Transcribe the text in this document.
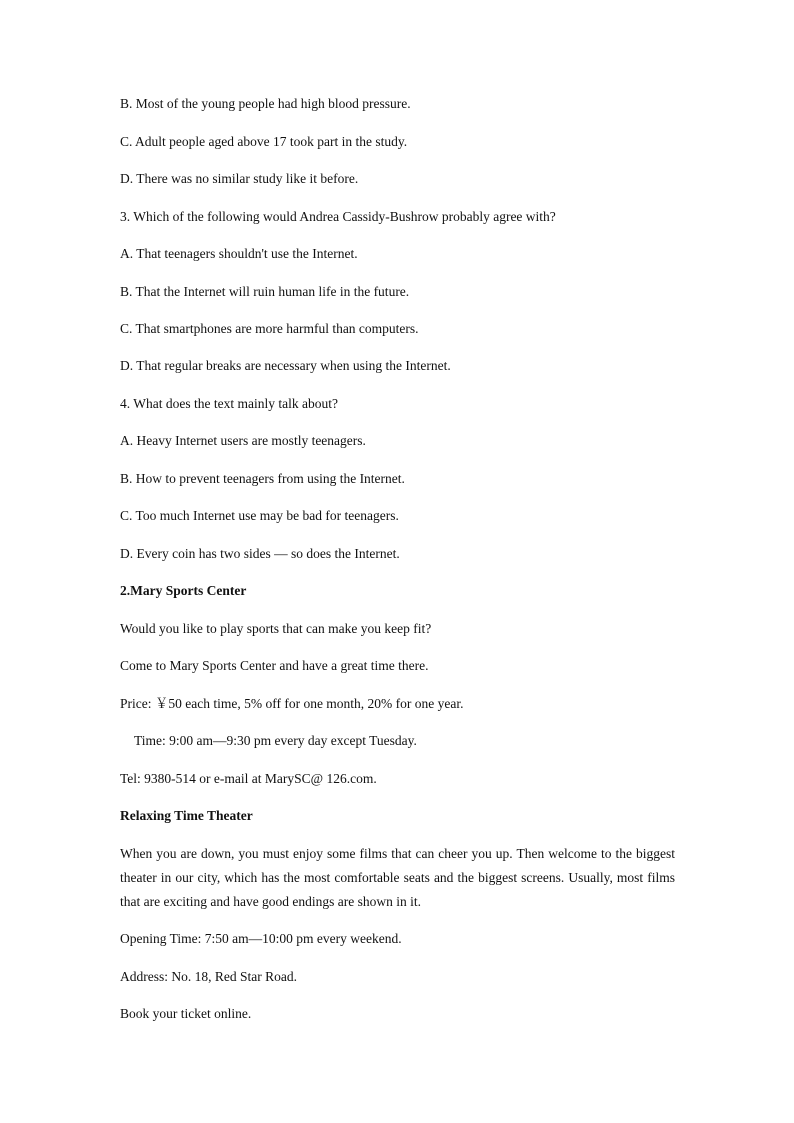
B. Most of the young people had high blood pressure.
C. Adult people aged above 17 took part in the study.
D. There was no similar study like it before.
3. Which of the following would Andrea Cassidy-Bushrow probably agree with?
A. That teenagers shouldn't use the Internet.
B. That the Internet will ruin human life in the future.
C. That smartphones are more harmful than computers.
D. That regular breaks are necessary when using the Internet.
4. What does the text mainly talk about?
A. Heavy Internet users are mostly teenagers.
B. How to prevent teenagers from using the Internet.
C. Too much Internet use may be bad for teenagers.
D. Every coin has two sides — so does the Internet.
2.Mary Sports Center
Would you like to play sports that can make you keep fit?
Come to Mary Sports Center and have a great time there.
Price: ￥50 each time, 5% off for one month, 20% for one year.
Time: 9:00 am—9:30 pm every day except Tuesday.
Tel: 9380-514 or e-mail at MarySC@ 126.com.
Relaxing Time Theater
When you are down, you must enjoy some films that can cheer you up. Then welcome to the biggest theater in our city, which has the most comfortable seats and the biggest screens. Usually, most films that are exciting and have good endings are shown in it.
Opening Time: 7:50 am—10:00 pm every weekend.
Address: No. 18, Red Star Road.
Book your ticket online.
